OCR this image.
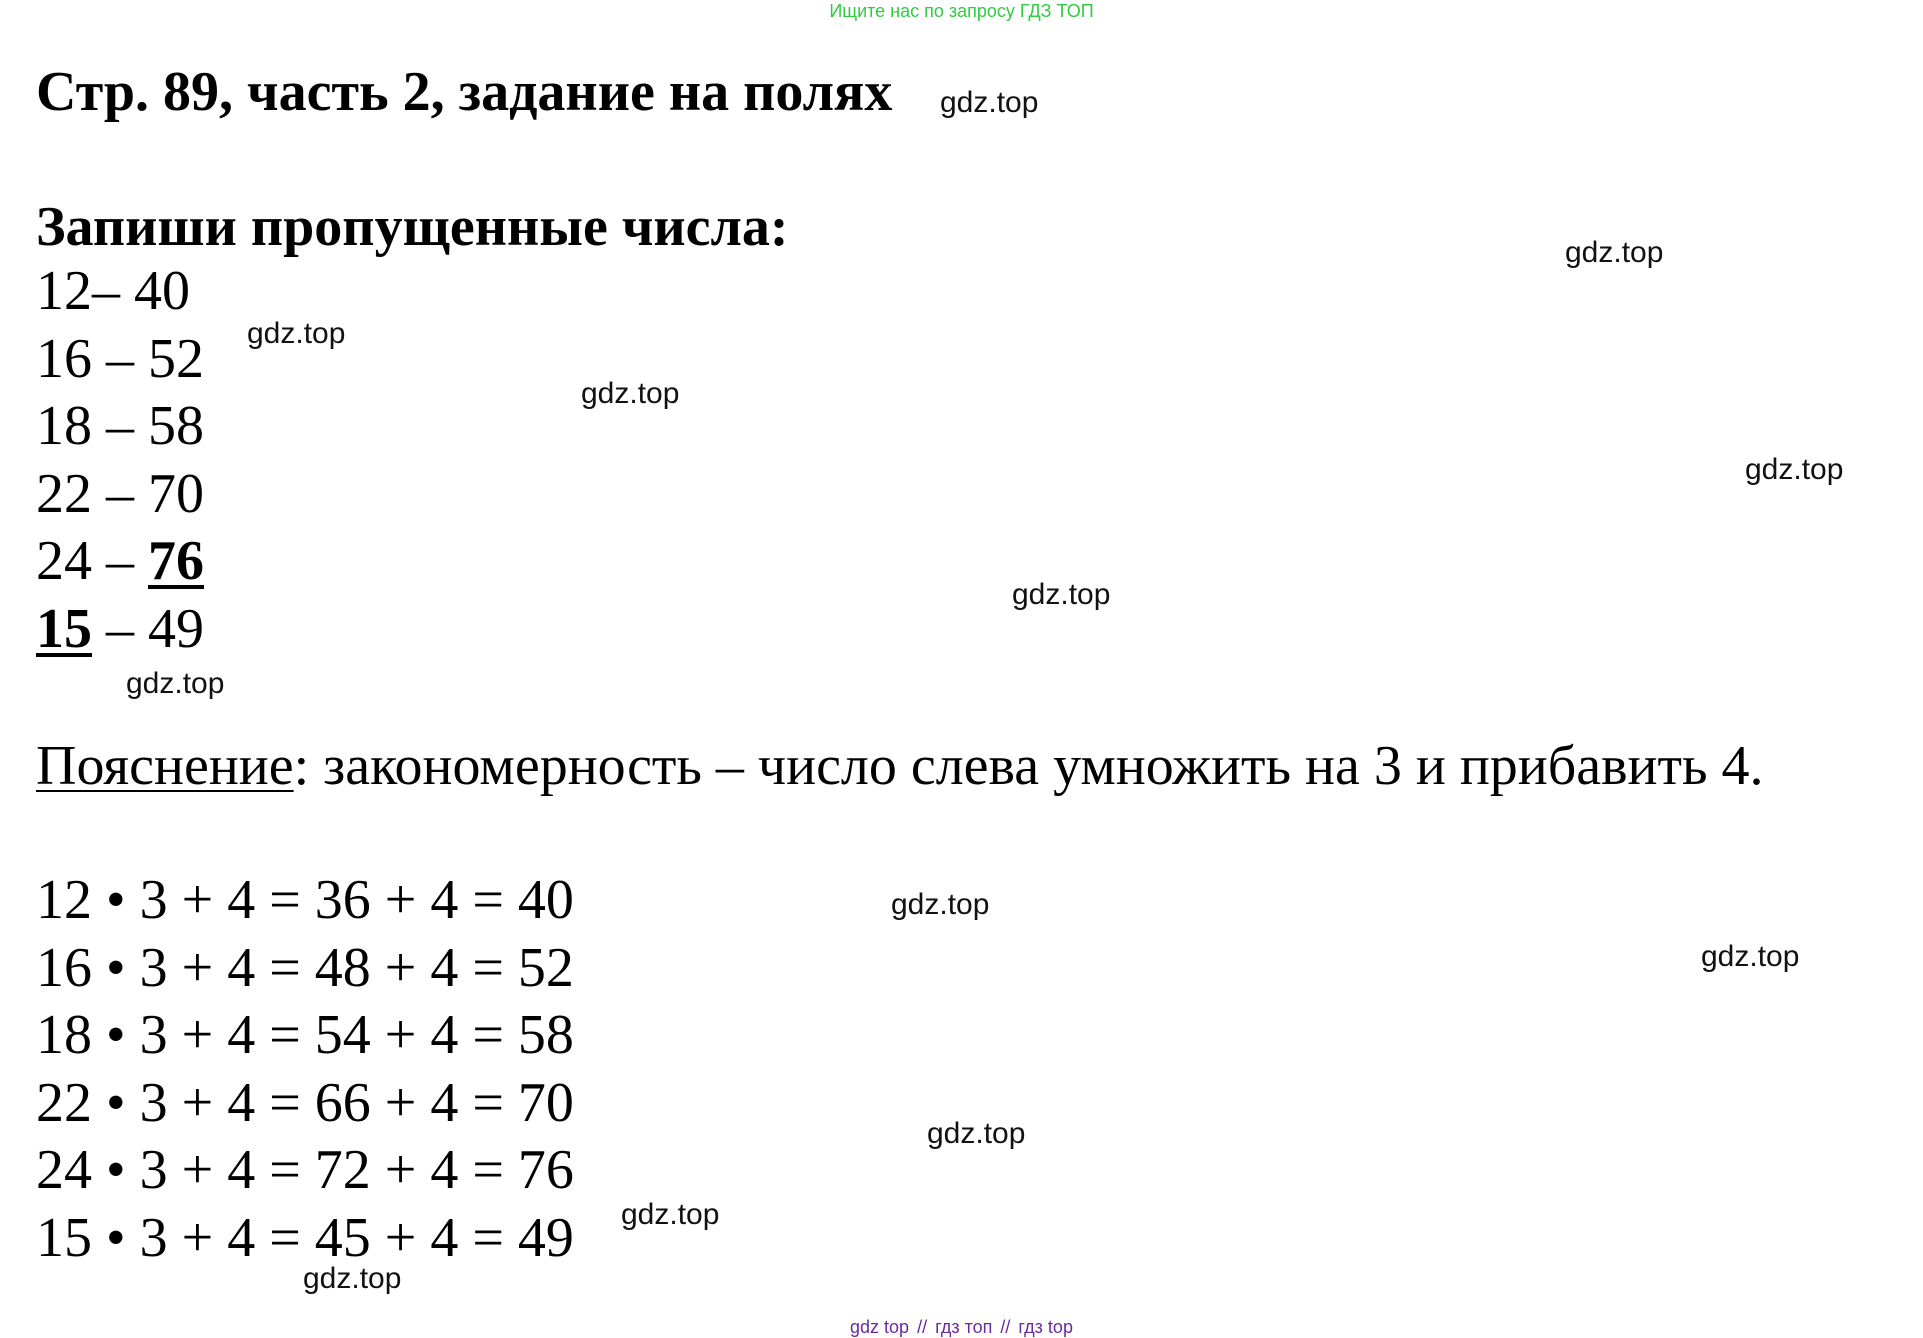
Ищите нас по запросу ГДЗ ТОП
Стр. 89, часть 2, задание на полях
Запиши пропущенные числа:
12– 40
16 – 52
18 – 58
22 – 70
24 – 76
15 – 49
Пояснение: закономерность – число слева умножить на 3 и прибавить 4.
12 • 3 + 4 = 36 + 4 = 40
16 • 3 + 4 = 48 + 4 = 52
18 • 3 + 4 = 54 + 4 = 58
22 • 3 + 4 = 66 + 4 = 70
24 • 3 + 4 = 72 + 4 = 76
15 • 3 + 4 = 45 + 4 = 49
gdz.top
gdz.top
gdz.top
gdz.top
gdz.top
gdz.top
gdz.top
gdz.top
gdz.top
gdz.top
gdz.top
gdz.top
gdz top // гдз топ // гдз top
